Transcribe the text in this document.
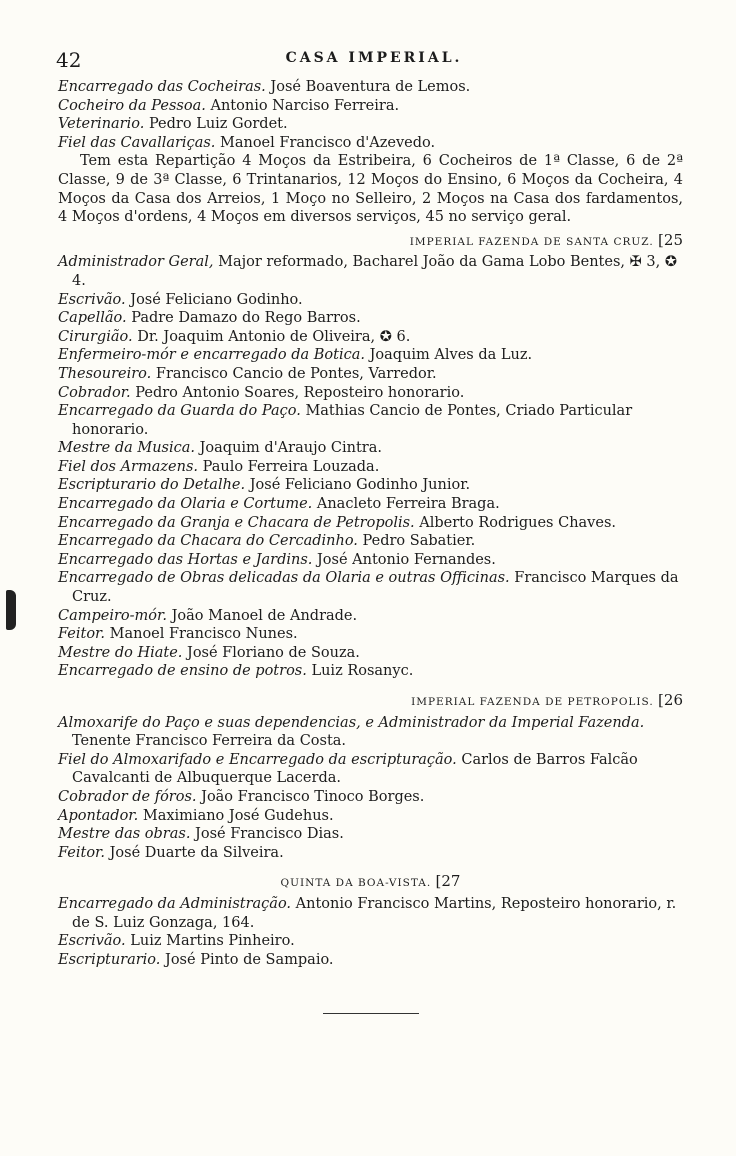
42	CASA IMPERIAL.
Encarregado das Cocheiras. José Boaventura de Lemos.
Cocheiro da Pessoa. Antonio Narciso Ferreira.
Veterinario. Pedro Luiz Gordet.
Fiel das Cavallariças. Manoel Francisco d'Azevedo.
Tem esta Repartição 4 Moços da Estribeira, 6 Cocheiros de 1ª Classe, 6 de 2ª Classe, 9 de 3ª Classe, 6 Trintanarios, 12 Moços do Ensino, 6 Moços da Cocheira, 4 Moços da Casa dos Arreios, 1 Moço no Selleiro, 2 Moços na Casa dos fardamentos, 4 Moços d'ordens, 4 Moços em diversos serviços, 45 no serviço geral.
IMPERIAL FAZENDA DE SANTA CRUZ. [25
Administrador Geral, Major reformado, Bacharel João da Gama Lobo Bentes, ✠ 3, ✪ 4.
Escrivão. José Feliciano Godinho.
Capellão. Padre Damazo do Rego Barros.
Cirurgião. Dr. Joaquim Antonio de Oliveira, ✪ 6.
Enfermeiro-mór e encarregado da Botica. Joaquim Alves da Luz.
Thesoureiro. Francisco Cancio de Pontes, Varredor.
Cobrador. Pedro Antonio Soares, Reposteiro honorario.
Encarregado da Guarda do Paço. Mathias Cancio de Pontes, Criado Particular honorario.
Mestre da Musica. Joaquim d'Araujo Cintra.
Fiel dos Armazens. Paulo Ferreira Louzada.
Escripturario do Detalhe. José Feliciano Godinho Junior.
Encarregado da Olaria e Cortume. Anacleto Ferreira Braga.
Encarregado da Granja e Chacara de Petropolis. Alberto Rodrigues Chaves.
Encarregado da Chacara do Cercadinho. Pedro Sabatier.
Encarregado das Hortas e Jardins. José Antonio Fernandes.
Encarregado de Obras delicadas da Olaria e outras Officinas. Francisco Marques da Cruz.
Campeiro-mór. João Manoel de Andrade.
Feitor. Manoel Francisco Nunes.
Mestre do Hiate. José Floriano de Souza.
Encarregado de ensino de potros. Luiz Rosanyc.
IMPERIAL FAZENDA DE PETROPOLIS. [26
Almoxarife do Paço e suas dependencias, e Administrador da Imperial Fazenda. Tenente Francisco Ferreira da Costa.
Fiel do Almoxarifado e Encarregado da escripturação. Carlos de Barros Falcão Cavalcanti de Albuquerque Lacerda.
Cobrador de fóros. João Francisco Tinoco Borges.
Apontador. Maximiano José Gudehus.
Mestre das obras. José Francisco Dias.
Feitor. José Duarte da Silveira.
QUINTA DA BOA-VISTA. [27
Encarregado da Administração. Antonio Francisco Martins, Reposteiro honorario, r. de S. Luiz Gonzaga, 164.
Escrivão. Luiz Martins Pinheiro.
Escripturario. José Pinto de Sampaio.
